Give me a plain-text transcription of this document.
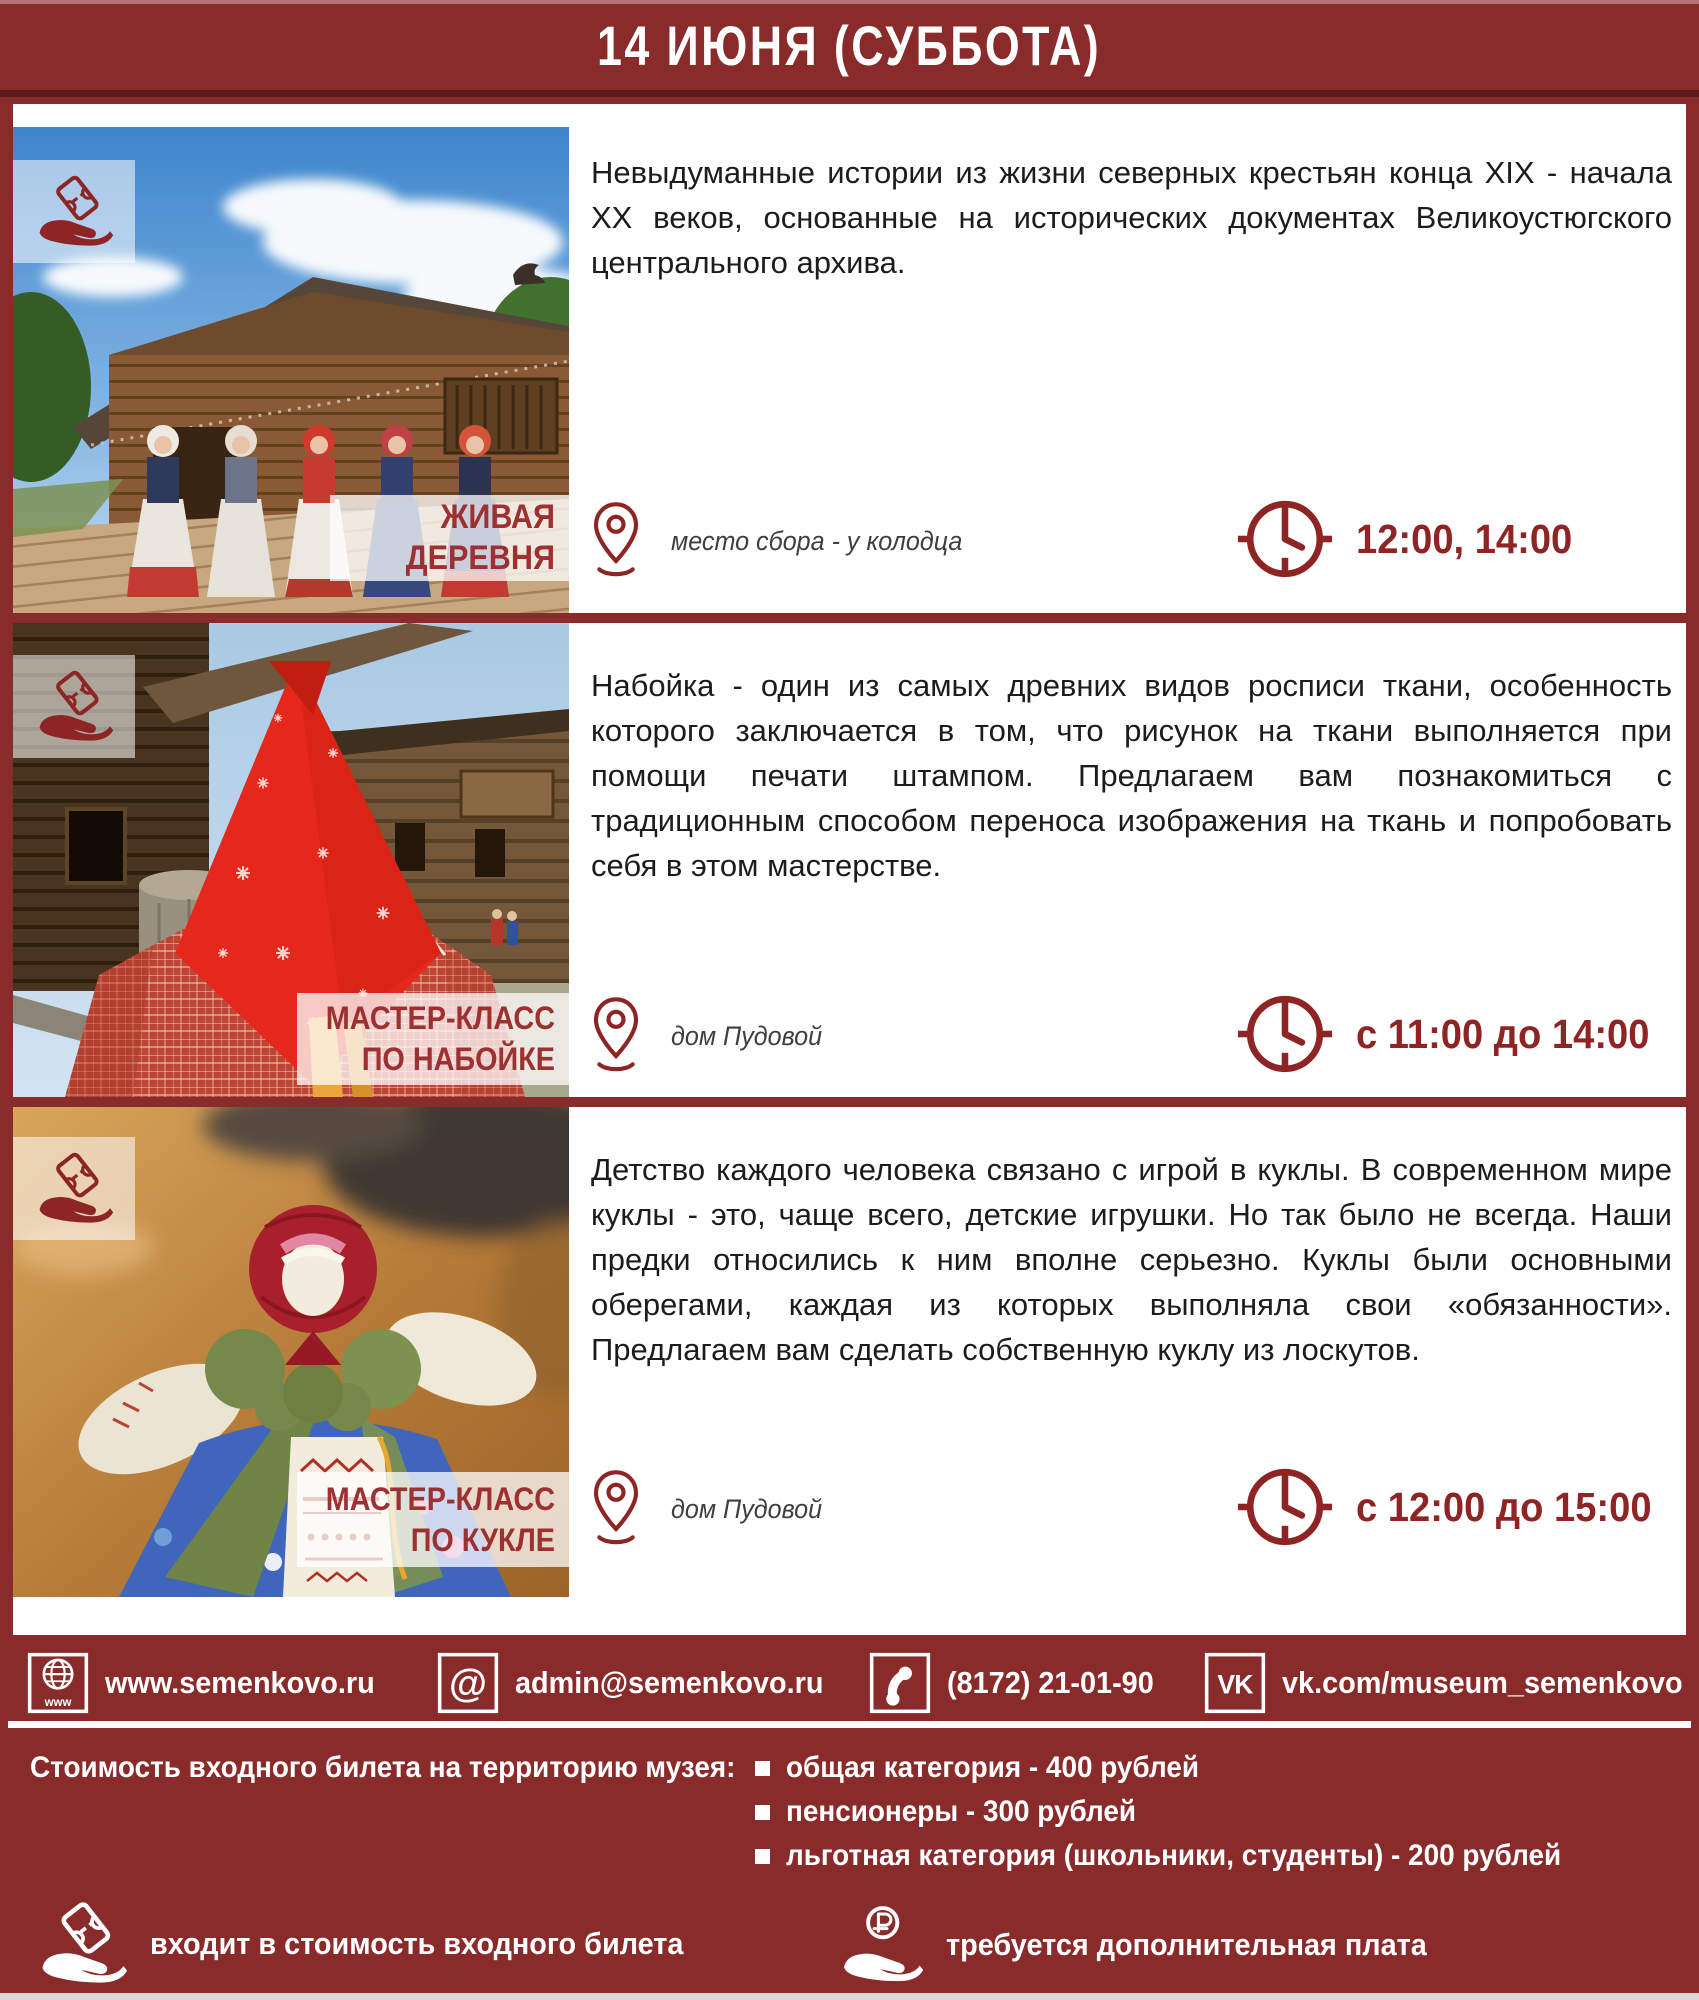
14 ИЮНЯ (СУББОТА)
ЖИВАЯ
ДЕРЕВНЯ

Невыдуманные истории из жизни северных крестьян конца XIX - начала XX веков, основанные на исторических документах Великоустюгского центрального архива.

место сбора - у колодца	12:00, 14:00
МАСТЕР-КЛАСС
ПО НАБОЙКЕ

Набойка - один из самых древних видов росписи ткани, особенность которого заключается в том, что рисунок на ткани выполняется при помощи печати штампом. Предлагаем вам познакомиться с традиционным способом переноса изображения на ткань и попробовать себя в этом мастерстве.

дом Пудовой	с 11:00 до 14:00
МАСТЕР-КЛАСС
ПО КУКЛЕ

Детство каждого человека связано с игрой в куклы. В современном мире куклы - это, чаще всего, детские игрушки. Но так было не всегда. Наши предки относились к ним вполне серьезно. Куклы были основными оберегами, каждая из которых выполняла свои «обязанности». Предлагаем вам сделать собственную куклу из лоскутов.

дом Пудовой	с 12:00 до 15:00
www.semenkovo.ru	admin@semenkovo.ru	(8172) 21-01-90	vk.com/museum_semenkovo
Стоимость входного билета на территорию музея: общая категория - 400 рублей
пенсионеры - 300 рублей
льготная категория (школьники, студенты) - 200 рублей
входит в стоимость входного билета	требуется дополнительная плата
